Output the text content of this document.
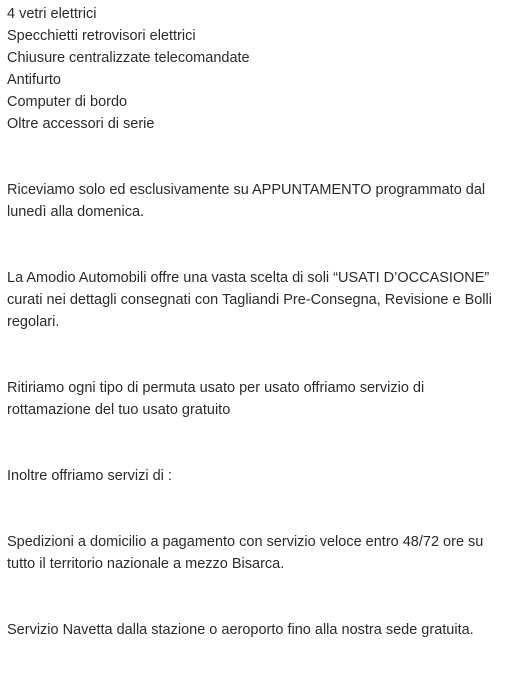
4 vetri elettrici
Specchietti retrovisori elettrici
Chiusure centralizzate telecomandate
Antifurto
Computer di bordo
Oltre accessori di serie

Riceviamo solo ed esclusivamente su APPUNTAMENTO programmato dal lunedì alla domenica.

La Amodio Automobili offre una vasta scelta di soli “USATI D’OCCASIONE” curati nei dettagli consegnati con Tagliandi Pre-Consegna, Revisione e Bolli regolari.

Ritiriamo ogni tipo di permuta usato per usato offriamo servizio di rottamazione del tuo usato gratuito

Inoltre offriamo servizi di :

Spedizioni a domicilio a pagamento con servizio veloce entro 48/72 ore su tutto il territorio nazionale a mezzo Bisarca.

Servizio Navetta dalla stazione o aeroporto fino alla nostra sede gratuita.
